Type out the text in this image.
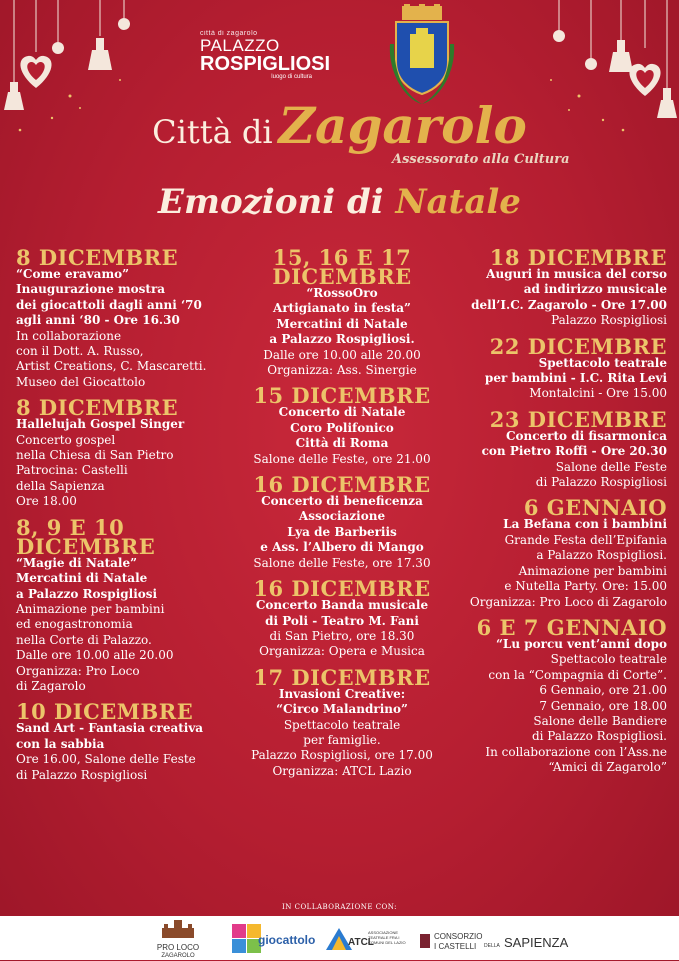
città di zagarolo
PALAZZO
ROSPIGLIOSI
luogo di cultura
Città di Zagarolo
Assessorato alla Cultura
Emozioni di Natale
8 DICEMBRE
“Come eravamo”
Inaugurazione mostra
dei giocattoli dagli anni ‘70
agli anni ‘80 - Ore 16.30
In collaborazione
con il Dott. A. Russo,
Artist Creations, C. Mascaretti.
Museo del Giocattolo
8 DICEMBRE
Hallelujah Gospel Singer
Concerto gospel
nella Chiesa di San Pietro
Patrocina: Castelli
della Sapienza
Ore 18.00
8, 9 E 10 DICEMBRE
“Magie di Natale”
Mercatini di Natale
a Palazzo Rospigliosi
Animazione per bambini
ed enogastronomia
nella Corte di Palazzo.
Dalle ore 10.00 alle 20.00
Organizza: Pro Loco
di Zagarolo
10 DICEMBRE
Sand Art - Fantasia creativa
con la sabbia
Ore 16.00, Salone delle Feste
di Palazzo Rospigliosi
15, 16 E 17 DICEMBRE
“RossoOro
Artigianato in festa”
Mercatini di Natale
a Palazzo Rospigliosi.
Dalle ore 10.00 alle 20.00
Organizza: Ass. Sinergie
15 DICEMBRE
Concerto di Natale
Coro Polifonico
Città di Roma
Salone delle Feste, ore 21.00
16 DICEMBRE
Concerto di beneficenza
Associazione
Lya de Barberiis
e Ass. l’Albero di Mango
Salone delle Feste, ore 17.30
16 DICEMBRE
Concerto Banda musicale
di Poli - Teatro M. Fani
di San Pietro, ore 18.30
Organizza: Opera e Musica
17 DICEMBRE
Invasioni Creative:
“Circo Malandrino”
Spettacolo teatrale
per famiglie.
Palazzo Rospigliosi, ore 17.00
Organizza: ATCL Lazio
18 DICEMBRE
Auguri in musica del corso
ad indirizzo musicale
dell’I.C. Zagarolo - Ore 17.00
Palazzo Rospigliosi
22 DICEMBRE
Spettacolo teatrale
per bambini - I.C. Rita Levi
Montalcini - Ore 15.00
23 DICEMBRE
Concerto di fisarmonica
con Pietro Roffi - Ore 20.30
Salone delle Feste
di Palazzo Rospigliosi
6 GENNAIO
La Befana con i bambini
Grande Festa dell’Epifania
a Palazzo Rospigliosi.
Animazione per bambini
e Nutella Party. Ore: 15.00
Organizza: Pro Loco di Zagarolo
6 E 7 GENNAIO
“Lu porcu vent’anni dopo
Spettacolo teatrale
con la “Compagnia di Corte”.
6 Gennaio, ore 21.00
7 Gennaio, ore 18.00
Salone delle Bandiere
di Palazzo Rospigliosi.
In collaborazione con l’Ass.ne
“Amici di Zagarolo”
IN COLLABORAZIONE CON:
PRO LOCO
ZAGAROLO
giocattolo	ATCL
ASSOCIAZIONE TEATRALE FRA I COMUNI DEL LAZIO
CONSORZIO
I CASTELLI DELLA SAPIENZA
